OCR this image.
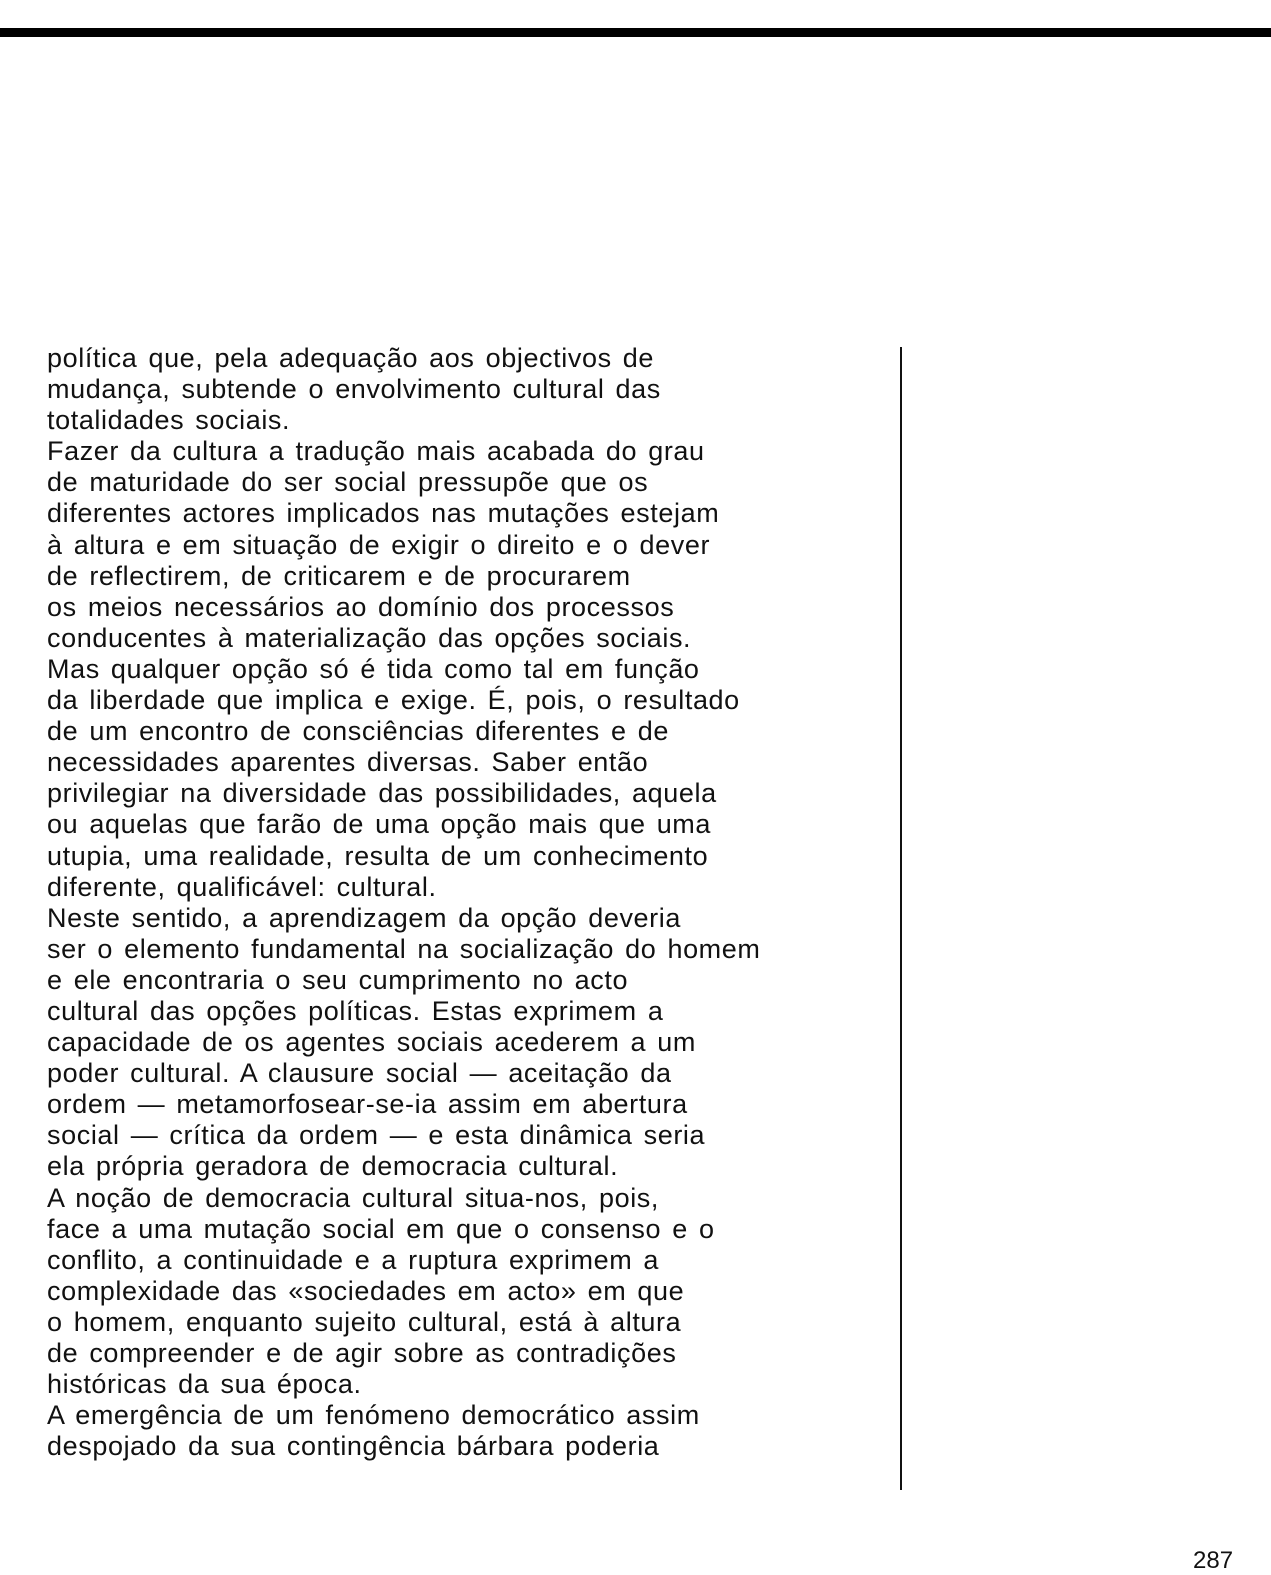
política que, pela adequação aos objectivos de
mudança, subtende o envolvimento cultural das
totalidades sociais.
Fazer da cultura a tradução mais acabada do grau
de maturidade do ser social pressupõe que os
diferentes actores implicados nas mutações estejam
à altura e em situação de exigir o direito e o dever
de reflectirem, de criticarem e de procurarem
os meios necessários ao domínio dos processos
conducentes à materialização das opções sociais.
Mas qualquer opção só é tida como tal em função
da liberdade que implica e exige. É, pois, o resultado
de um encontro de consciências diferentes e de
necessidades aparentes diversas. Saber então
privilegiar na diversidade das possibilidades, aquela
ou aquelas que farão de uma opção mais que uma
utupia, uma realidade, resulta de um conhecimento
diferente, qualificável: cultural.
Neste sentido, a aprendizagem da opção deveria
ser o elemento fundamental na socialização do homem
e ele encontraria o seu cumprimento no acto
cultural das opções políticas. Estas exprimem a
capacidade de os agentes sociais acederem a um
poder cultural. A clausure social — aceitação da
ordem — metamorfosear-se-ia assim em abertura
social — crítica da ordem — e esta dinâmica seria
ela própria geradora de democracia cultural.
A noção de democracia cultural situa-nos, pois,
face a uma mutação social em que o consenso e o
conflito, a continuidade e a ruptura exprimem a
complexidade das «sociedades em acto» em que
o homem, enquanto sujeito cultural, está à altura
de compreender e de agir sobre as contradições
históricas da sua época.
A emergência de um fenómeno democrático assim
despojado da sua contingência bárbara poderia
287
